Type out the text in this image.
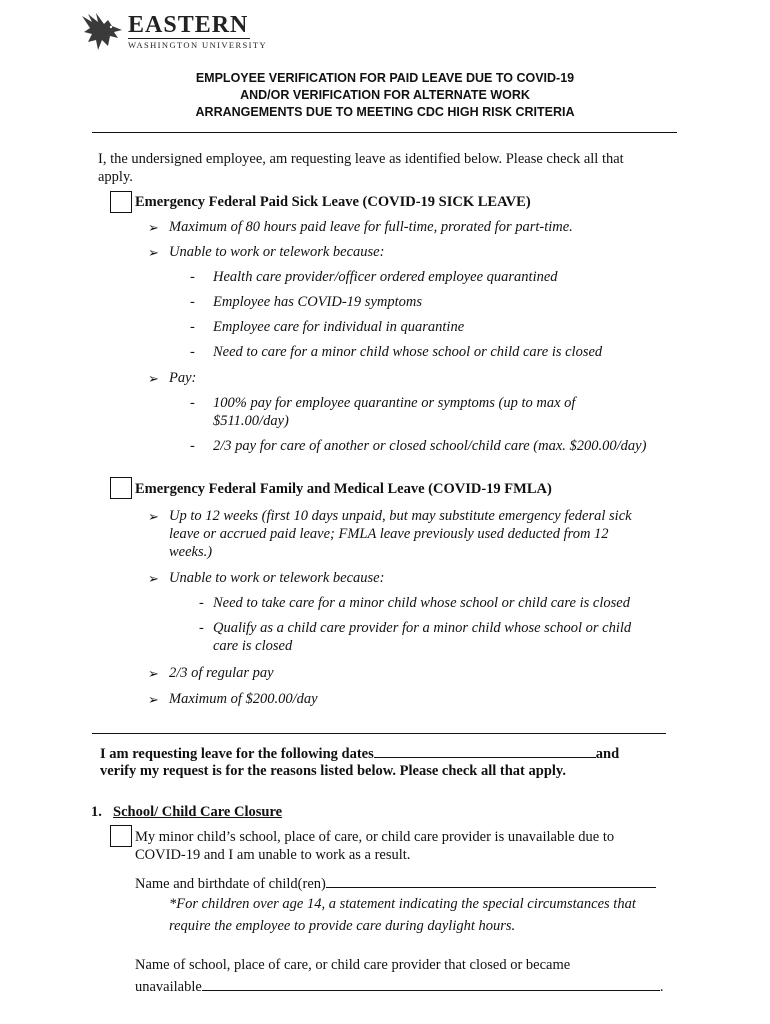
EASTERN
WASHINGTON UNIVERSITY
EMPLOYEE VERIFICATION FOR PAID LEAVE DUE TO COVID-19
AND/OR VERIFICATION FOR ALTERNATE WORK
ARRANGEMENTS DUE TO MEETING CDC HIGH RISK CRITERIA
I, the undersigned employee, am requesting leave as identified below. Please check all that
apply.
Emergency Federal Paid Sick Leave (COVID-19 SICK LEAVE)
➢ Maximum of 80 hours paid leave for full-time, prorated for part-time.
➢ Unable to work or telework because:
- Health care provider/officer ordered employee quarantined
- Employee has COVID-19 symptoms
- Employee care for individual in quarantine
- Need to care for a minor child whose school or child care is closed
➢ Pay:
- 100% pay for employee quarantine or symptoms (up to max of
$511.00/day)
- 2/3 pay for care of another or closed school/child care (max. $200.00/day)
Emergency Federal Family and Medical Leave (COVID-19 FMLA)
➢ Up to 12 weeks (first 10 days unpaid, but may substitute emergency federal sick
leave or accrued paid leave; FMLA leave previously used deducted from 12
weeks.)
➢ Unable to work or telework because:
- Need to take care for a minor child whose school or child care is closed
- Qualify as a child care provider for a minor child whose school or child
care is closed
➢ 2/3 of regular pay
➢ Maximum of $200.00/day
I am requesting leave for the following dates	and
verify my request is for the reasons listed below. Please check all that apply.
1. School/ Child Care Closure
My minor child’s school, place of care, or child care provider is unavailable due to
COVID-19 and I am unable to work as a result.
Name and birthdate of child(ren)
*For children over age 14, a statement indicating the special circumstances that
require the employee to provide care during daylight hours.
Name of school, place of care, or child care provider that closed or became
unavailable	.
